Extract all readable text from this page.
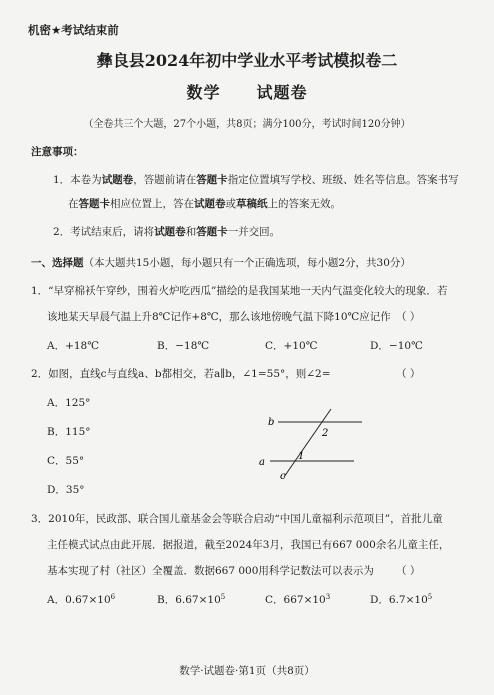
机密★考试结束前
彝良县2024年初中学业水平考试模拟卷二
数学 试题卷
（全卷共三个大题，27个小题，共8页；满分100分，考试时间120分钟）
注意事项：
1．本卷为试题卷，答题前请在答题卡指定位置填写学校、班级、姓名等信息。答案书写
在答题卡相应位置上，答在试题卷或草稿纸上的答案无效。
2．考试结束后，请将试题卷和答题卡一并交回。
一、选择题（本大题共15小题，每小题只有一个正确选项，每小题2分，共30分）
1．“早穿棉袄午穿纱，围着火炉吃西瓜”描绘的是我国某地一天内气温变化较大的现象．若
该地某天早晨气温上升8℃记作+8℃，那么该地傍晚气温下降10℃应记作 （ ）
A．+18℃	B．−18℃	C．+10℃	D．−10℃
2．如图，直线c与直线a、b都相交，若a∥b，∠1=55°，则∠2=	（ ）
A．125°
B．115°
C．55°
D．35°
b
a
c
1
2
3．2010年，民政部、联合国儿童基金会等联合启动“中国儿童福利示范项目”，首批儿童
主任模式试点由此开展．据报道，截至2024年3月，我国已有667 000余名儿童主任，
基本实现了村（社区）全覆盖．数据667 000用科学记数法可以表示为 （ ）
A．$0.67\times 10^6$	B．$6.67\times 10^5$	C．$667\times 10^3$	D．$6.7\times 10^5$
数学·试题卷·第1页（共8页）
